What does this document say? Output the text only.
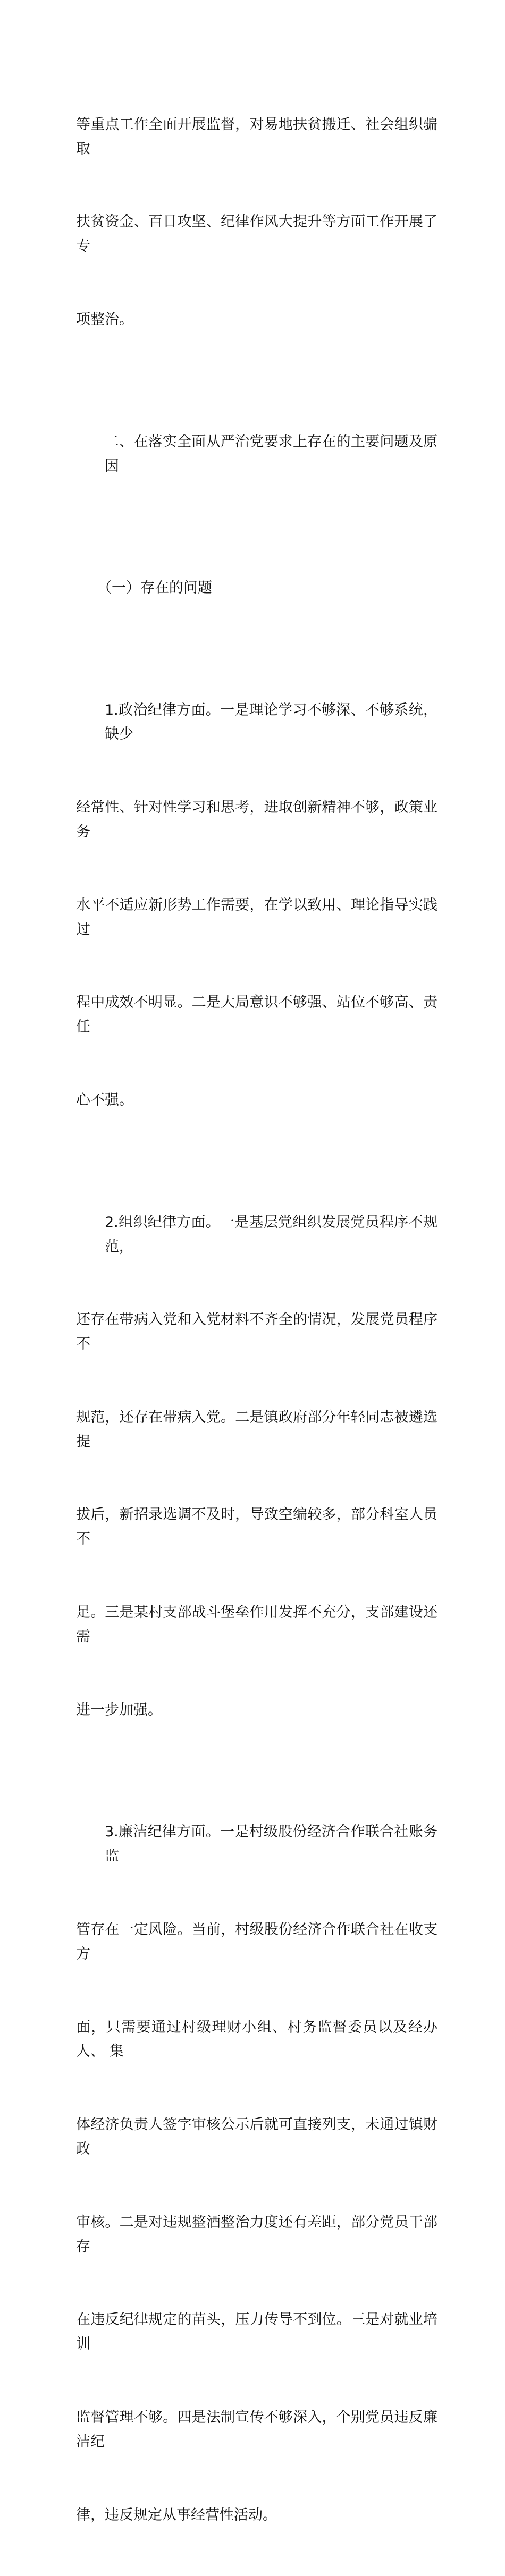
等重点工作全面开展监督，对易地扶贫搬迁、社会组织骗取

扶贫资金、百日攻坚、纪律作风大提升等方面工作开展了专

项整治。

二、在落实全面从严治党要求上存在的主要问题及原因

（一）存在的问题

1.政治纪律方面。一是理论学习不够深、不够系统，缺少

经常性、针对性学习和思考，进取创新精神不够，政策业务

水平不适应新形势工作需要，在学以致用、理论指导实践过

程中成效不明显。二是大局意识不够强、站位不够高、责任

心不强。

2.组织纪律方面。一是基层党组织发展党员程序不规范，

还存在带病入党和入党材料不齐全的情况，发展党员程序不

规范，还存在带病入党。二是镇政府部分年轻同志被遴选提

拔后，新招录选调不及时，导致空编较多，部分科室人员不

足。三是某村支部战斗堡垒作用发挥不充分，支部建设还需

进一步加强。

3.廉洁纪律方面。一是村级股份经济合作联合社账务监

管存在一定风险。当前，村级股份经济合作联合社在收支方

面，只需要通过村级理财小组、村务监督委员以及经办人、 集

体经济负责人签字审核公示后就可直接列支，未通过镇财政

审核。二是对违规整酒整治力度还有差距，部分党员干部存

在违反纪律规定的苗头，压力传导不到位。三是对就业培训

监督管理不够。四是法制宣传不够深入，个别党员违反廉洁纪

律，违反规定从事经营性活动。
